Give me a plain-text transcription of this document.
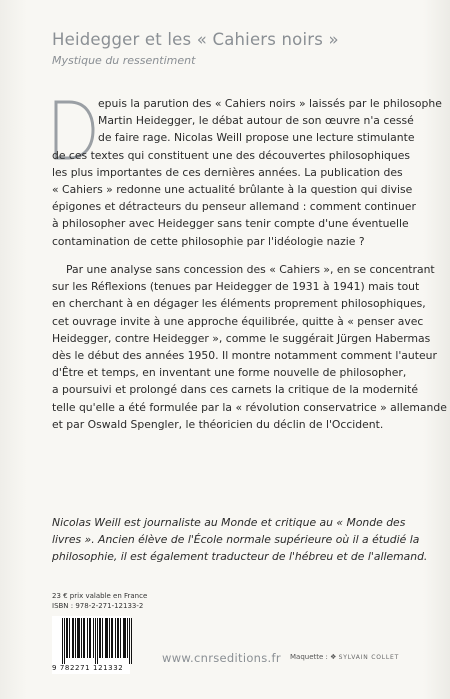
Heidegger et les « Cahiers noirs »
Mystique du ressentiment
epuis la parution des « Cahiers noirs » laissés par le philosophe
Martin Heidegger, le débat autour de son œuvre n'a cessé
de faire rage. Nicolas Weill propose une lecture stimulante
de ces textes qui constituent une des découvertes philosophiques
les plus importantes de ces dernières années. La publication des
« Cahiers » redonne une actualité brûlante à la question qui divise
épigones et détracteurs du penseur allemand : comment continuer
à philosopher avec Heidegger sans tenir compte d'une éventuelle
contamination de cette philosophie par l'idéologie nazie ?
Par une analyse sans concession des « Cahiers », en se concentrant
sur les Réflexions (tenues par Heidegger de 1931 à 1941) mais tout
en cherchant à en dégager les éléments proprement philosophiques,
cet ouvrage invite à une approche équilibrée, quitte à « penser avec
Heidegger, contre Heidegger », comme le suggérait Jürgen Habermas
dès le début des années 1950. Il montre notamment comment l'auteur
d'Être et temps, en inventant une forme nouvelle de philosopher,
a poursuivi et prolongé dans ces carnets la critique de la modernité
telle qu'elle a été formulée par la « révolution conservatrice » allemande
et par Oswald Spengler, le théoricien du déclin de l'Occident.
Nicolas Weill est journaliste au Monde et critique au « Monde des
livres ». Ancien élève de l'École normale supérieure où il a étudié la
philosophie, il est également traducteur de l'hébreu et de l'allemand.
23 € prix valable en France
ISBN : 978-2-271-12133-2
9 782271 121332
www.cnrseditions.fr Maquette : ❖ SYLVAIN COLLET
